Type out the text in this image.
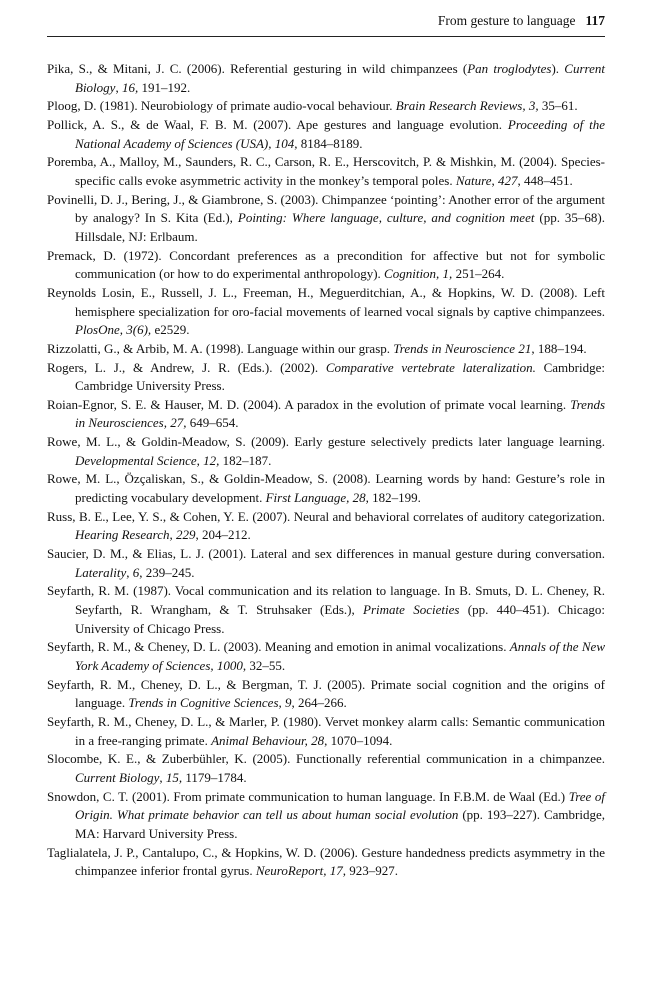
From gesture to language 117

Pika, S., & Mitani, J. C. (2006). Referential gesturing in wild chimpanzees (Pan troglodytes). Current Biology, 16, 191–192.

Ploog, D. (1981). Neurobiology of primate audio-vocal behaviour. Brain Research Reviews, 3, 35–61.

Pollick, A. S., & de Waal, F. B. M. (2007). Ape gestures and language evolution. Proceeding of the National Academy of Sciences (USA), 104, 8184–8189.

Poremba, A., Malloy, M., Saunders, R. C., Carson, R. E., Herscovitch, P. & Mishkin, M. (2004). Species-specific calls evoke asymmetric activity in the monkey’s temporal poles. Nature, 427, 448–451.

Povinelli, D. J., Bering, J., & Giambrone, S. (2003). Chimpanzee ‘pointing’: Another error of the argument by analogy? In S. Kita (Ed.), Pointing: Where language, culture, and cognition meet (pp. 35–68). Hillsdale, NJ: Erlbaum.

Premack, D. (1972). Concordant preferences as a precondition for affective but not for symbolic communication (or how to do experimental anthropology). Cognition, 1, 251–264.

Reynolds Losin, E., Russell, J. L., Freeman, H., Meguerditchian, A., & Hopkins, W. D. (2008). Left hemisphere specialization for oro-facial movements of learned vocal signals by captive chimpanzees. PlosOne, 3(6), e2529.

Rizzolatti, G., & Arbib, M. A. (1998). Language within our grasp. Trends in Neuroscience 21, 188–194.

Rogers, L. J., & Andrew, J. R. (Eds.). (2002). Comparative vertebrate lateralization. Cambridge: Cambridge University Press.

Roian-Egnor, S. E. & Hauser, M. D. (2004). A paradox in the evolution of primate vocal learning. Trends in Neurosciences, 27, 649–654.

Rowe, M. L., & Goldin-Meadow, S. (2009). Early gesture selectively predicts later language learning. Developmental Science, 12, 182–187.

Rowe, M. L., Özçaliskan, S., & Goldin-Meadow, S. (2008). Learning words by hand: Gesture’s role in predicting vocabulary development. First Language, 28, 182–199.

Russ, B. E., Lee, Y. S., & Cohen, Y. E. (2007). Neural and behavioral correlates of auditory categorization. Hearing Research, 229, 204–212.

Saucier, D. M., & Elias, L. J. (2001). Lateral and sex differences in manual gesture during conversation. Laterality, 6, 239–245.

Seyfarth, R. M. (1987). Vocal communication and its relation to language. In B. Smuts, D. L. Cheney, R. Seyfarth, R. Wrangham, & T. Struhsaker (Eds.), Primate Societies (pp. 440–451). Chicago: University of Chicago Press.

Seyfarth, R. M., & Cheney, D. L. (2003). Meaning and emotion in animal vocalizations. Annals of the New York Academy of Sciences, 1000, 32–55.

Seyfarth, R. M., Cheney, D. L., & Bergman, T. J. (2005). Primate social cognition and the origins of language. Trends in Cognitive Sciences, 9, 264–266.

Seyfarth, R. M., Cheney, D. L., & Marler, P. (1980). Vervet monkey alarm calls: Semantic communication in a free-ranging primate. Animal Behaviour, 28, 1070–1094.

Slocombe, K. E., & Zuberbühler, K. (2005). Functionally referential communication in a chimpanzee. Current Biology, 15, 1179–1784.

Snowdon, C. T. (2001). From primate communication to human language. In F.B.M. de Waal (Ed.) Tree of Origin. What primate behavior can tell us about human social evolution (pp. 193–227). Cambridge, MA: Harvard University Press.

Taglialatela, J. P., Cantalupo, C., & Hopkins, W. D. (2006). Gesture handedness predicts asymmetry in the chimpanzee inferior frontal gyrus. NeuroReport, 17, 923–927.
